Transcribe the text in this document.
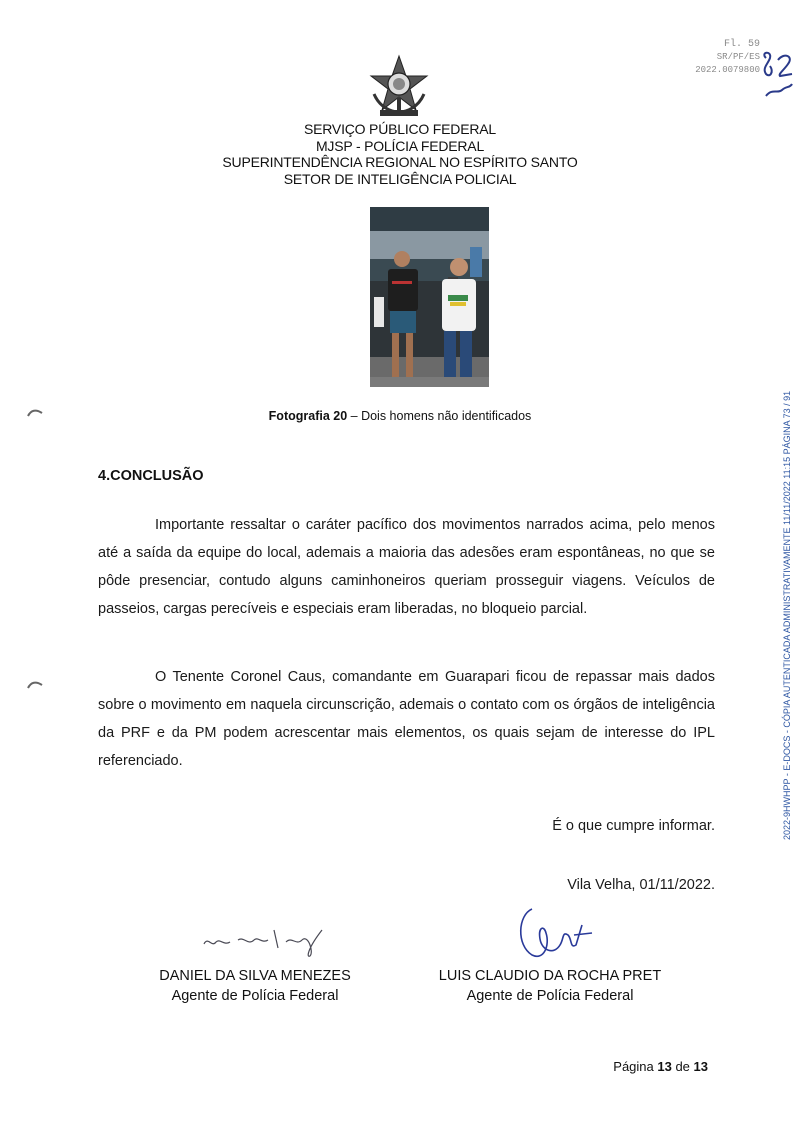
Fl. 59
SR/PF/ES
2022.0079800
SERVIÇO PÚBLICO FEDERAL
MJSP - POLÍCIA FEDERAL
SUPERINTENDÊNCIA REGIONAL NO ESPÍRITO SANTO
SETOR DE INTELIGÊNCIA POLICIAL
Fotografia 20 – Dois homens não identificados	2022-9HWHPP - E-DOCS - CÓPIA AUTENTICADA ADMINISTRATIVAMENTE 11/11/2022 11:15 PÁGINA 73 / 91
4.CONCLUSÃO

Importante ressaltar o caráter pacífico dos movimentos narrados acima, pelo menos até a saída da equipe do local, ademais a maioria das adesões eram espontâneas, no que se pôde presenciar, contudo alguns caminhoneiros queriam prosseguir viagens. Veículos de passeios, cargas perecíveis e especiais eram liberadas, no bloqueio parcial.

O Tenente Coronel Caus, comandante em Guarapari ficou de repassar mais dados sobre o movimento em naquela circunscrição, ademais o contato com os órgãos de inteligência da PRF e da PM podem acrescentar mais elementos, os quais sejam de interesse do IPL referenciado.

É o que cumpre informar.
Vila Velha, 01/11/2022.
DANIEL DA SILVA MENEZES
Agente de Polícia Federal
LUIS CLAUDIO DA ROCHA PRET
Agente de Polícia Federal
Página 13 de 13
